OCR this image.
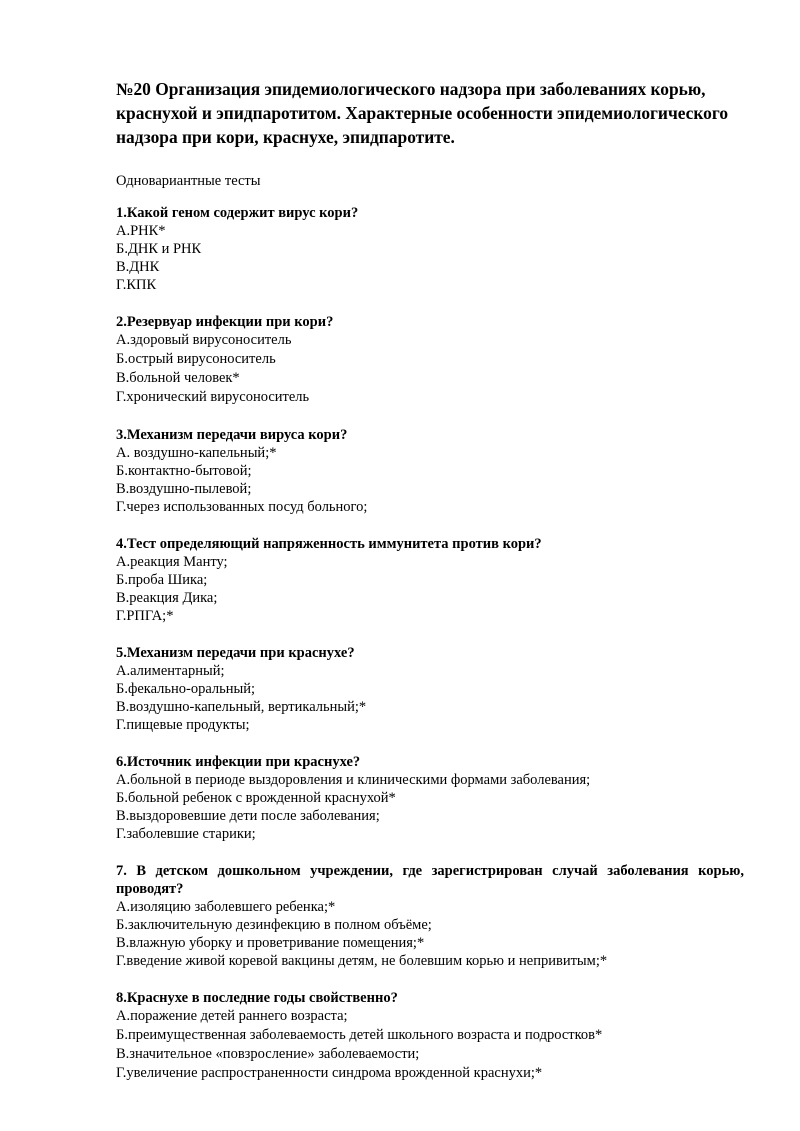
№20 Организация эпидемиологического надзора при заболеваниях корью, краснухой и эпидпаротитом. Характерные особенности эпидемиологического надзора при кори, краснухе, эпидпаротите.
Одновариантные тесты
1.Какой геном содержит вирус кори?
А.РНК*
Б.ДНК и РНК
В.ДНК
Г.КПК
2.Резервуар инфекции при кори?
А.здоровый вирусоноситель
Б.острый вирусоноситель
В.больной человек*
Г.хронический вирусоноситель
3.Механизм передачи вируса кори?
А. воздушно-капельный;*
Б.контактно-бытовой;
В.воздушно-пылевой;
Г.через использованных посуд больного;
4.Тест определяющий напряженность иммунитета против кори?
А.реакция Манту;
Б.проба Шика;
В.реакция Дика;
Г.РПГА;*
5.Механизм передачи при краснухе?
А.алиментарный;
Б.фекально-оральный;
В.воздушно-капельный, вертикальный;*
Г.пищевые продукты;
6.Источник инфекции при краснухе?
А.больной в периоде выздоровления и клиническими формами заболевания;
Б.больной ребенок с врожденной краснухой*
В.выздоровевшие дети после заболевания;
Г.заболевшие старики;
7. В детском дошкольном учреждении, где зарегистрирован случай заболевания корью, проводят?
А.изоляцию заболевшего ребенка;*
Б.заключительную дезинфекцию в полном объёме;
В.влажную уборку и проветривание помещения;*
Г.введение живой коревой вакцины детям, не болевшим корью и непривитым;*
8.Краснухе в последние годы свойственно?
А.поражение детей раннего возраста;
Б.преимущественная заболеваемость детей школьного возраста и подростков*
В.значительное «повзросление» заболеваемости;
Г.увеличение распространенности синдрома врожденной краснухи;*
